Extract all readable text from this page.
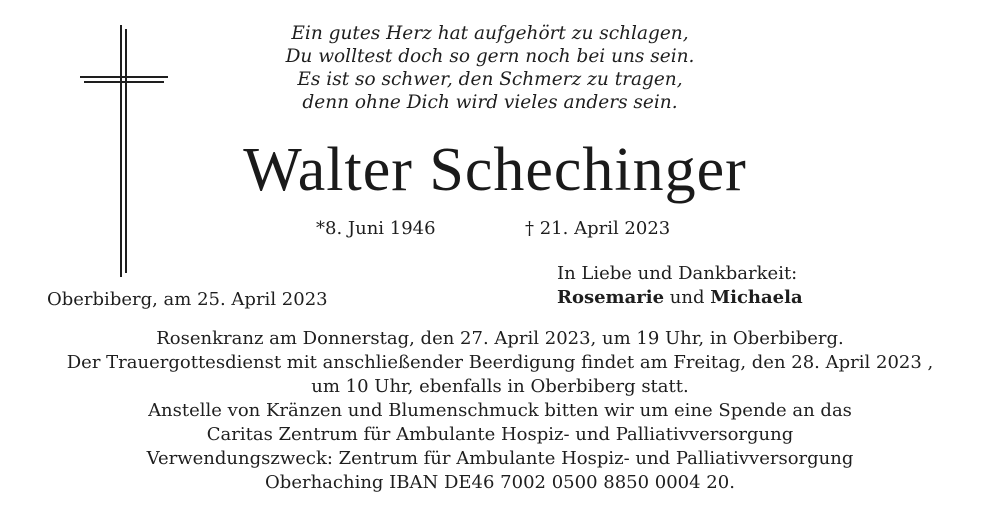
Ein gutes Herz hat aufgehört zu schlagen,
Du wolltest doch so gern noch bei uns sein.
Es ist so schwer, den Schmerz zu tragen,
denn ohne Dich wird vieles anders sein.
Walter Schechinger
*8. Juni 1946	† 21. April 2023
Oberbiberg, am 25. April 2023
In Liebe und Dankbarkeit:
Rosemarie und Michaela
Rosenkranz am Donnerstag, den 27. April 2023, um 19 Uhr, in Oberbiberg.
Der Trauergottesdienst mit anschließender Beerdigung findet am Freitag, den 28. April 2023 ,
um 10 Uhr, ebenfalls in Oberbiberg statt.
Anstelle von Kränzen und Blumenschmuck bitten wir um eine Spende an das
Caritas Zentrum für Ambulante Hospiz- und Palliativversorgung
Verwendungszweck: Zentrum für Ambulante Hospiz- und Palliativversorgung
Oberhaching IBAN DE46 7002 0500 8850 0004 20.
